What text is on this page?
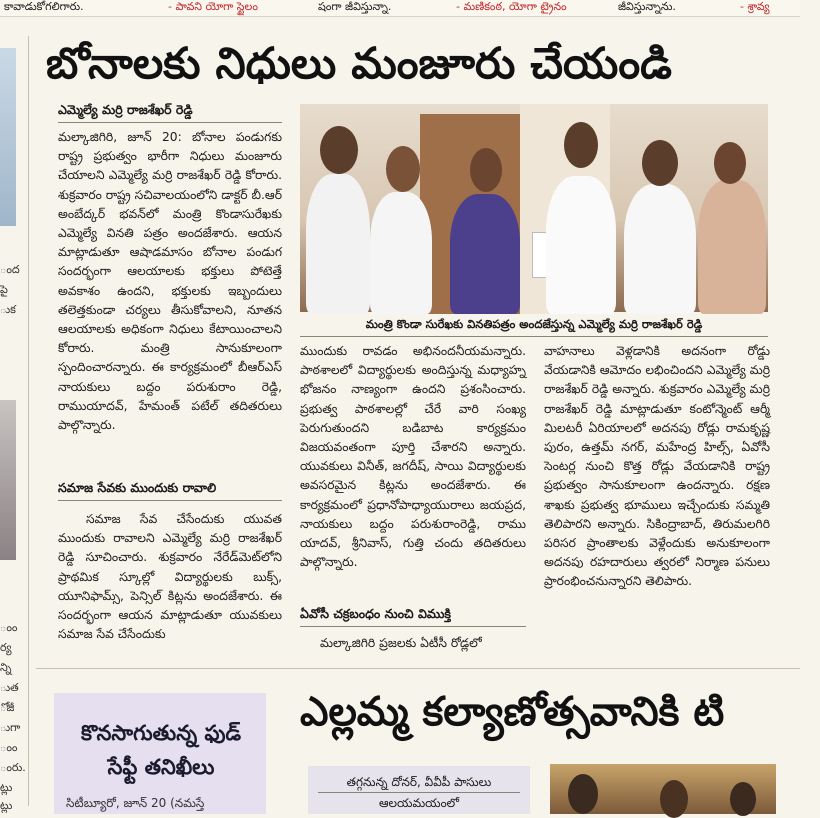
కావాడుకోగలిగారు.	- పావని యోగా స్టైలం	షంగా జీవిస్తున్నా.	- మణికంఠ, యోగా ట్రైనం	జీవిస్తున్నాను.	- శ్రావ్య
ంద
పై
ుక
ంం
ర్య
న్ని
ుత
ోజీ
ుగా
ంం
ంరు.
ట్లు
ట్లు
బోనాలకు నిధులు మంజూరు చేయండి
ఎమ్మెల్యే మర్రి రాజశేఖర్ రెడ్డి

మల్కాజిగిరి, జూన్ 20: బోనాల పండుగకు రాష్ట్ర ప్రభుత్వం భారీగా నిధులు మంజూరు చేయాలని ఎమ్మెల్యే మర్రి రాజశేఖర్ రెడ్డి కోరారు. శుక్రవారం రాష్ట్ర సచివాలయంలోని డాక్టర్ బీ.ఆర్ అంబేద్కర్ భవన్‌లో మంత్రి కొండాసురేఖకు ఎమ్మెల్యే వినతి పత్రం అందజేశారు. ఆయన మాట్లాడుతూ ఆషాడమాసం బోనాల పండుగ సందర్భంగా ఆలయాలకు భక్తులు పోటెత్తే అవకాశం ఉందని, భక్తులకు ఇబ్బందులు తలెత్తకుండా చర్యలు తీసుకోవాలని, నూతన ఆలయాలకు అధికంగా నిధులు కేటాయించాలని కోరారు. మంత్రి సానుకూలంగా స్పందించారన్నారు. ఈ కార్యక్రమంలో బీఆర్ఎస్ నాయకులు బద్దం పరుశురాం రెడ్డి, రాముయాదవ్, హేమంత్ పటేల్ తదితరులు పాల్గొన్నారు.

సమాజ సేవకు ముందుకు రావాలి

సమాజ సేవ చేసేందుకు యువత ముందుకు రావాలని ఎమ్మెల్యే మర్రి రాజశేఖర్ రెడ్డి సూచించారు. శుక్రవారం నేరేడ్‌మెట్‌లోని ప్రాథమిక స్కూల్లో విద్యార్థులకు బుక్స్, యూనిఫామ్స్, పెన్సిల్ కిట్లను అందజేశారు. ఈ సందర్భంగా ఆయన మాట్లాడుతూ యువకులు సమాజ సేవ చేసేందుకు

మంత్రి కొండా సురేఖకు వినతిపత్రం అందజేస్తున్న ఎమ్మెల్యే మర్రి రాజశేఖర్ రెడ్డి

ముందుకు రావడం అభినందనీయమన్నారు. పాఠశాలలో విద్యార్థులకు అందిస్తున్న మధ్యాహ్న భోజనం నాణ్యంగా ఉందని ప్రశంసించారు. ప్రభుత్వ పాఠశాలల్లో చేరే వారి సంఖ్య పెరుగుతుందని బడిబాట కార్యక్రమం విజయవంతంగా పూర్తి చేశారని అన్నారు. యువకులు వినీత్, జగదీష్, సాయి విద్యార్థులకు అవసరమైన కిట్లను అందజేశారు. ఈ కార్యక్రమంలో ప్రధానోపాధ్యాయురాలు జయప్రద, నాయకులు బద్దం పరుశురాంరెడ్డి, రాము యాదవ్, శ్రీనివాస్, గుత్తి చందు తదితరులు పాల్గొన్నారు.

ఏవోసీ చక్రబంధం నుంచి విముక్తి

మల్కాజిగిరి ప్రజలకు ఏటీసీ రోడ్లలో

వాహనాలు వెళ్లడానికి అదనంగా రోడ్డు వేయడానికి ఆమోదం లభించిందని ఎమ్మెల్యే మర్రి రాజశేఖర్ రెడ్డి అన్నారు. శుక్రవారం ఎమ్మెల్యే మర్రి రాజశేఖర్ రెడ్డి మాట్లాడుతూ కంటోన్మెంట్ ఆర్మీ మిలటరీ ఏరియాలలో అదనపు రోడ్లు రామకృష్ణ పురం, ఉత్తమ్ నగర్, మహేంద్ర హిల్స్, ఏవోసీ సెంటర్ల నుంచి కొత్త రోడ్లు వేయడానికి రాష్ట్ర ప్రభుత్వం సానుకూలంగా ఉందన్నారు. రక్షణ శాఖకు ప్రభుత్వ భూములు ఇచ్చేందుకు సమ్మతి తెలిపారని అన్నారు. సికింద్రాబాద్, తిరుమలగిరి పరిసర ప్రాంతాలకు వెళ్లేందుకు అనుకూలంగా అదనపు రహదారులు త్వరలో నిర్మాణ పనులు ప్రారంభించనున్నారని తెలిపారు.

కొనసాగుతున్న ఫుడ్ సేఫ్టీ తనిఖీలు
సిటీబ్యూరో, జూన్ 20 (నమస్తే
ఎల్లమ్మ కల్యాణోత్సవానికి టి
తగ్గనున్న దోనర్, వీవీపీ పాసులు
ఆలయమయంలో
